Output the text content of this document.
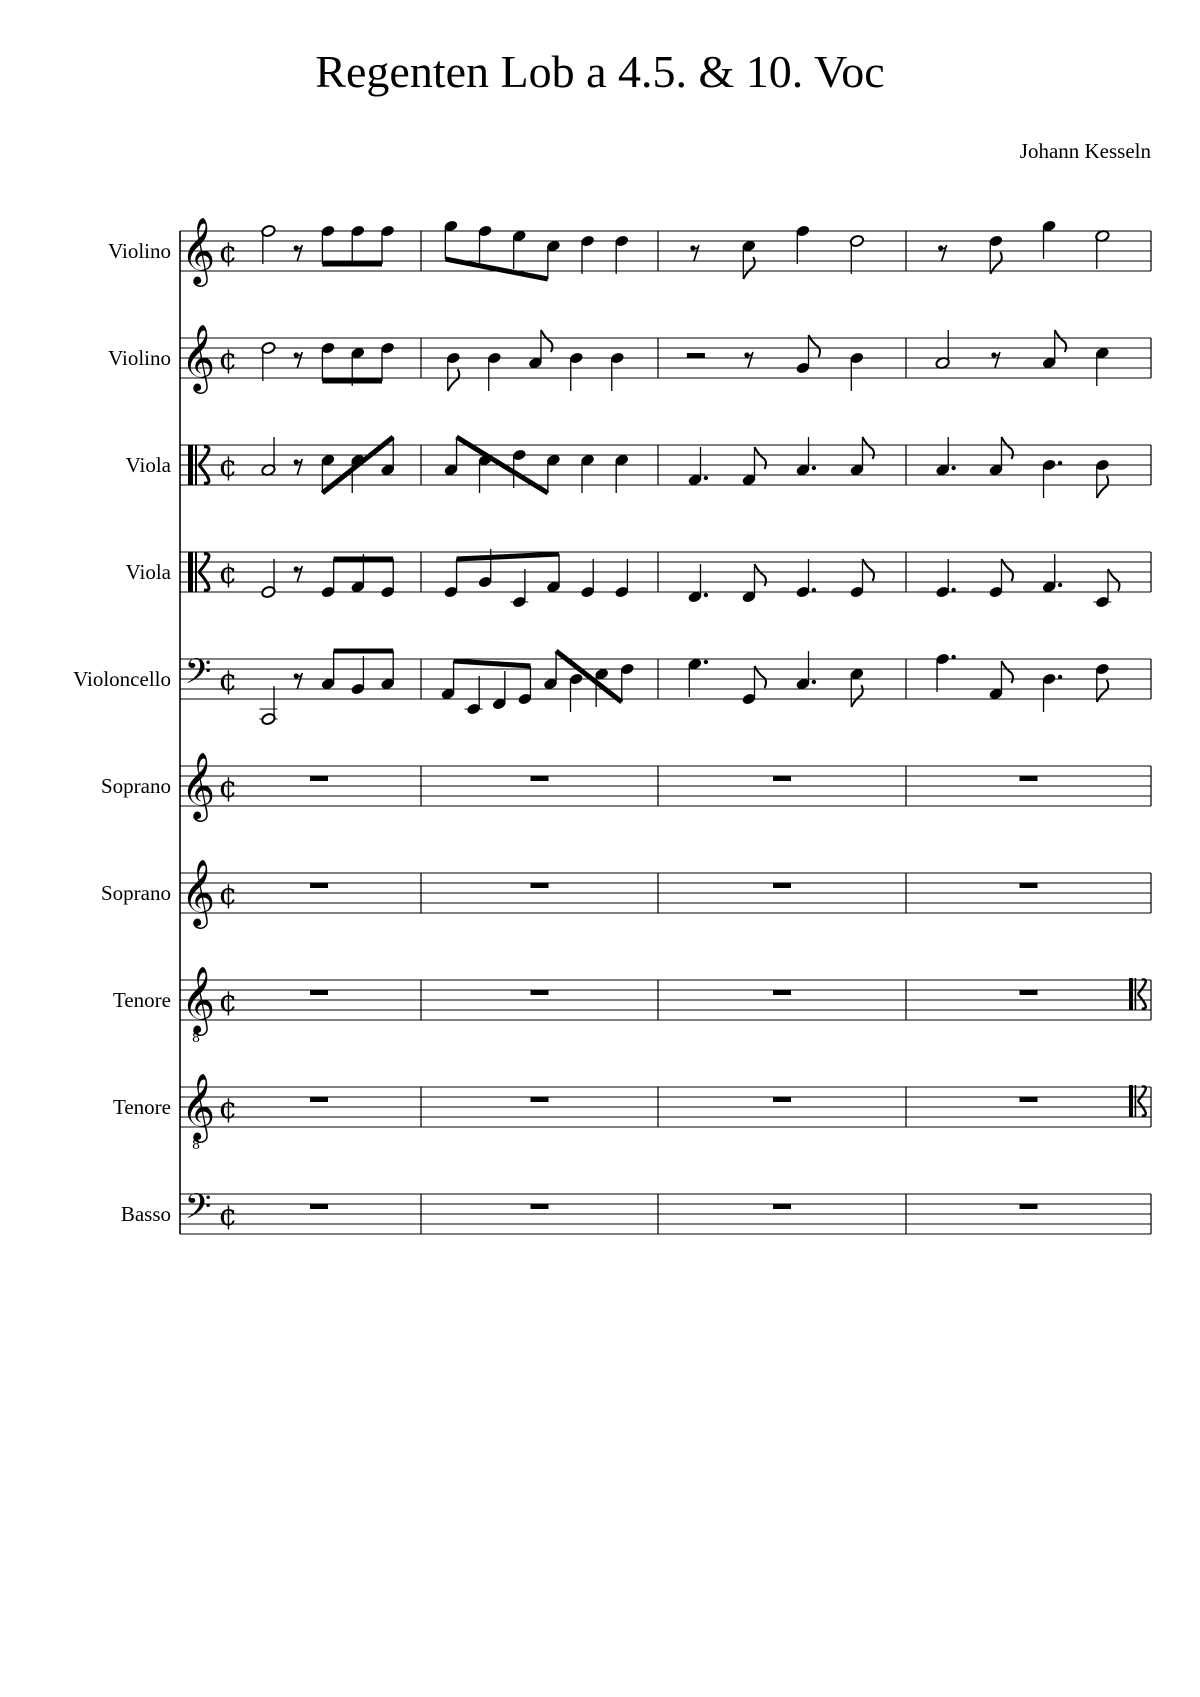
Regenten Lob a 4.5. & 10. Voc
Johann Kesseln
Violino 𝄞 ¢
Violino 𝄞 ¢
Viola ¢
Viola ¢
Violoncello 𝄢 ¢
Soprano 𝄞 ¢
Soprano 𝄞 ¢
Tenore 𝄞
8
¢
Tenore 𝄞
8
¢
Basso 𝄢 ¢
